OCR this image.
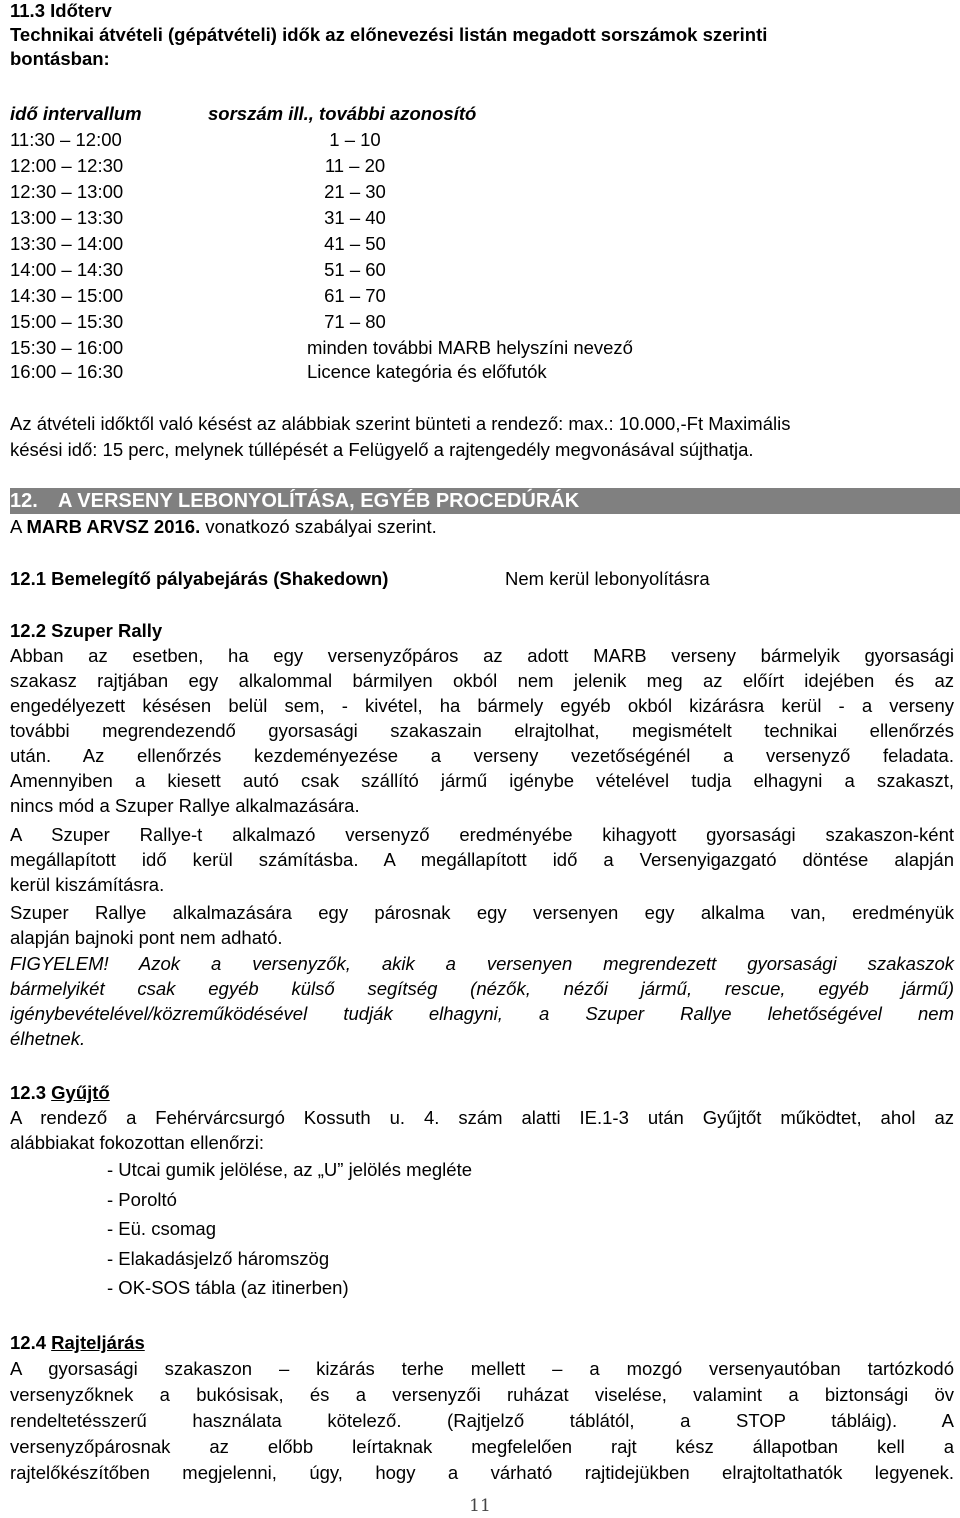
11.3 Időterv
Technikai átvételi (gépátvételi) idők az előnevezési listán megadott sorszámok szerinti
bontásban:
idő intervallum	sorszám ill., további azonosító
11:30 – 12:00	1 – 10
12:00 – 12:30	11 – 20
12:30 – 13:00	21 – 30
13:00 – 13:30	31 – 40
13:30 – 14:00	41 – 50
14:00 – 14:30	51 – 60
14:30 – 15:00	61 – 70
15:00 – 15:30	71 – 80
15:30 – 16:00	minden további MARB helyszíni nevező
16:00 – 16:30	Licence kategória és előfutók
Az átvételi időktől való késést az alábbiak szerint bünteti a rendező: max.: 10.000,-Ft Maximális
késési idő: 15 perc, melynek túllépését a Felügyelő a rajtengedély megvonásával sújthatja.
12. A VERSENY LEBONYOLÍTÁSA, EGYÉB PROCEDÚRÁK
A MARB ARVSZ 2016. vonatkozó szabályai szerint.
12.1 Bemelegítő pályabejárás (Shakedown)	Nem kerül lebonyolításra
12.2 Szuper Rally
Abban az esetben, ha egy versenyzőpáros az adott MARB verseny bármelyik gyorsasági
szakasz rajtjában egy alkalommal bármilyen okból nem jelenik meg az előírt idejében és az
engedélyezett késésen belül sem, - kivétel, ha bármely egyéb okból kizárásra kerül - a verseny
további megrendezendő gyorsasági szakaszain elrajtolhat, megismételt technikai ellenőrzés
után. Az ellenőrzés kezdeményezése a verseny vezetőségénél a versenyző feladata.
Amennyiben a kiesett autó csak szállító jármű igénybe vételével tudja elhagyni a szakaszt,
nincs mód a Szuper Rallye alkalmazására.
A Szuper Rallye-t alkalmazó versenyző eredményébe kihagyott gyorsasági szakaszon-ként
megállapított idő kerül számításba. A megállapított idő a Versenyigazgató döntése alapján
kerül kiszámításra.
Szuper Rallye alkalmazására egy párosnak egy versenyen egy alkalma van, eredményük
alapján bajnoki pont nem adható.
FIGYELEM! Azok a versenyzők, akik a versenyen megrendezett gyorsasági szakaszok
bármelyikét csak egyéb külső segítség (nézők, nézői jármű, rescue, egyéb jármű)
igénybevételével/közreműködésével tudják elhagyni, a Szuper Rallye lehetőségével nem
élhetnek.
12.3 Gyűjtő
A rendező a Fehérvárcsurgó Kossuth u. 4. szám alatti IE.1-3 után Gyűjtőt működtet, ahol az
alábbiakat fokozottan ellenőrzi:
- Utcai gumik jelölése, az „U” jelölés megléte
- Poroltó
- Eü. csomag
- Elakadásjelző háromszög
- OK-SOS tábla (az itinerben)
12.4 Rajteljárás
A gyorsasági szakaszon – kizárás terhe mellett – a mozgó versenyautóban tartózkodó
versenyzőknek a bukósisak, és a versenyzői ruházat viselése, valamint a biztonsági öv
rendeltetésszerű használata kötelező. (Rajtjelző táblától, a STOP tábláig). A
versenyzőpárosnak az előbb leírtaknak megfelelően rajt kész állapotban kell a
rajtelőkészítőben megjelenni, úgy, hogy a várható rajtidejükben elrajtoltathatók legyenek.
11
